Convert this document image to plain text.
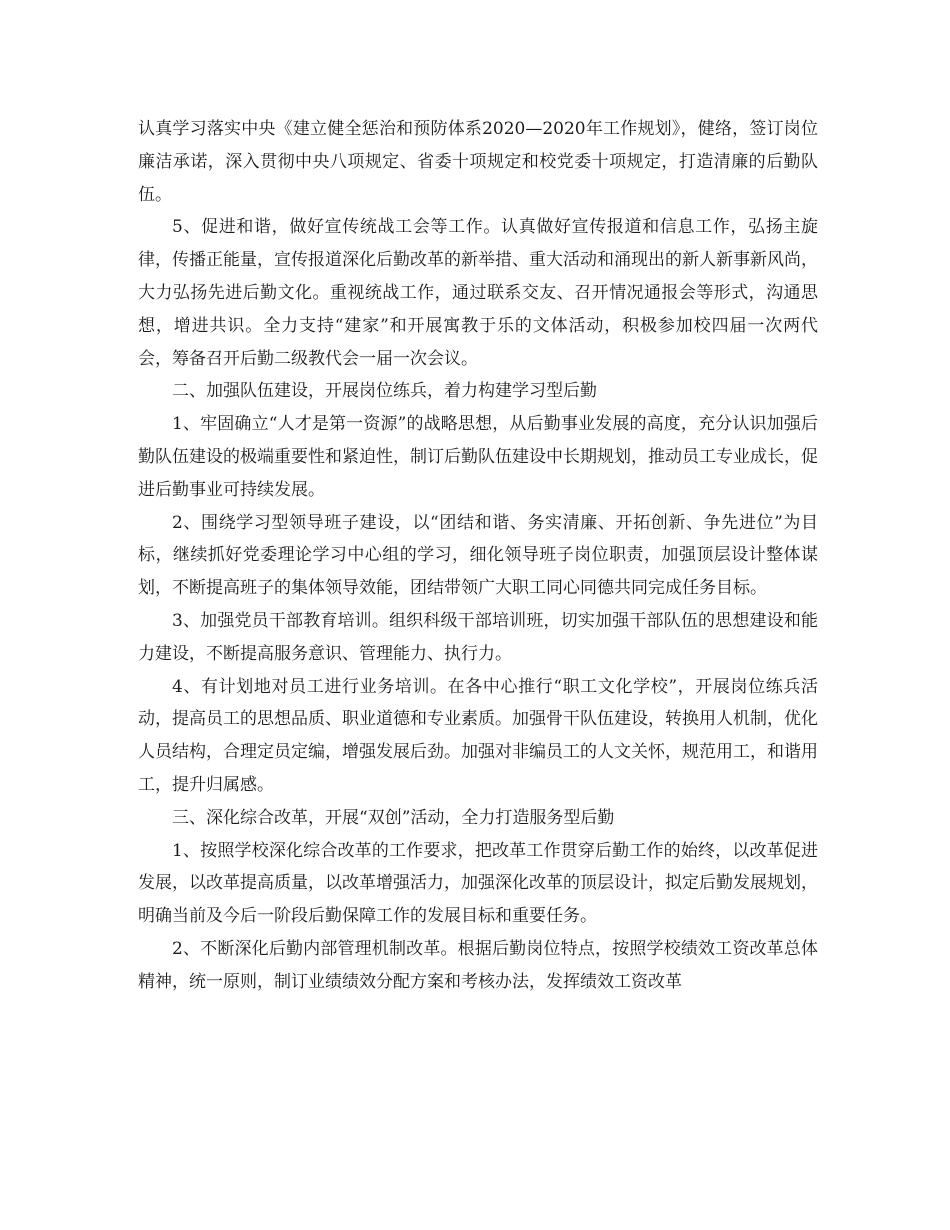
认真学习落实中央《建立健全惩治和预防体系2020—2020年工作规划》，健络，签订岗位廉洁承诺，深入贯彻中央八项规定、省委十项规定和校党委十项规定，打造清廉的后勤队伍。

5、促进和谐，做好宣传统战工会等工作。认真做好宣传报道和信息工作，弘扬主旋律，传播正能量，宣传报道深化后勤改革的新举措、重大活动和涌现出的新人新事新风尚，大力弘扬先进后勤文化。重视统战工作，通过联系交友、召开情况通报会等形式，沟通思想，增进共识。全力支持“建家”和开展寓教于乐的文体活动，积极参加校四届一次两代会，筹备召开后勤二级教代会一届一次会议。

二、加强队伍建设，开展岗位练兵，着力构建学习型后勤

1、牢固确立“人才是第一资源”的战略思想，从后勤事业发展的高度，充分认识加强后勤队伍建设的极端重要性和紧迫性，制订后勤队伍建设中长期规划，推动员工专业成长，促进后勤事业可持续发展。

2、围绕学习型领导班子建设，以“团结和谐、务实清廉、开拓创新、争先进位”为目标，继续抓好党委理论学习中心组的学习，细化领导班子岗位职责，加强顶层设计整体谋划，不断提高班子的集体领导效能，团结带领广大职工同心同德共同完成任务目标。

3、加强党员干部教育培训。组织科级干部培训班，切实加强干部队伍的思想建设和能力建设，不断提高服务意识、管理能力、执行力。

4、有计划地对员工进行业务培训。在各中心推行“职工文化学校”，开展岗位练兵活动，提高员工的思想品质、职业道德和专业素质。加强骨干队伍建设，转换用人机制，优化人员结构，合理定员定编，增强发展后劲。加强对非编员工的人文关怀，规范用工，和谐用工，提升归属感。

三、深化综合改革，开展“双创”活动，全力打造服务型后勤

1、按照学校深化综合改革的工作要求，把改革工作贯穿后勤工作的始终，以改革促进发展，以改革提高质量，以改革增强活力，加强深化改革的顶层设计，拟定后勤发展规划，明确当前及今后一阶段后勤保障工作的发展目标和重要任务。

2、不断深化后勤内部管理机制改革。根据后勤岗位特点，按照学校绩效工资改革总体精神，统一原则，制订业绩绩效分配方案和考核办法，发挥绩效工资改革
